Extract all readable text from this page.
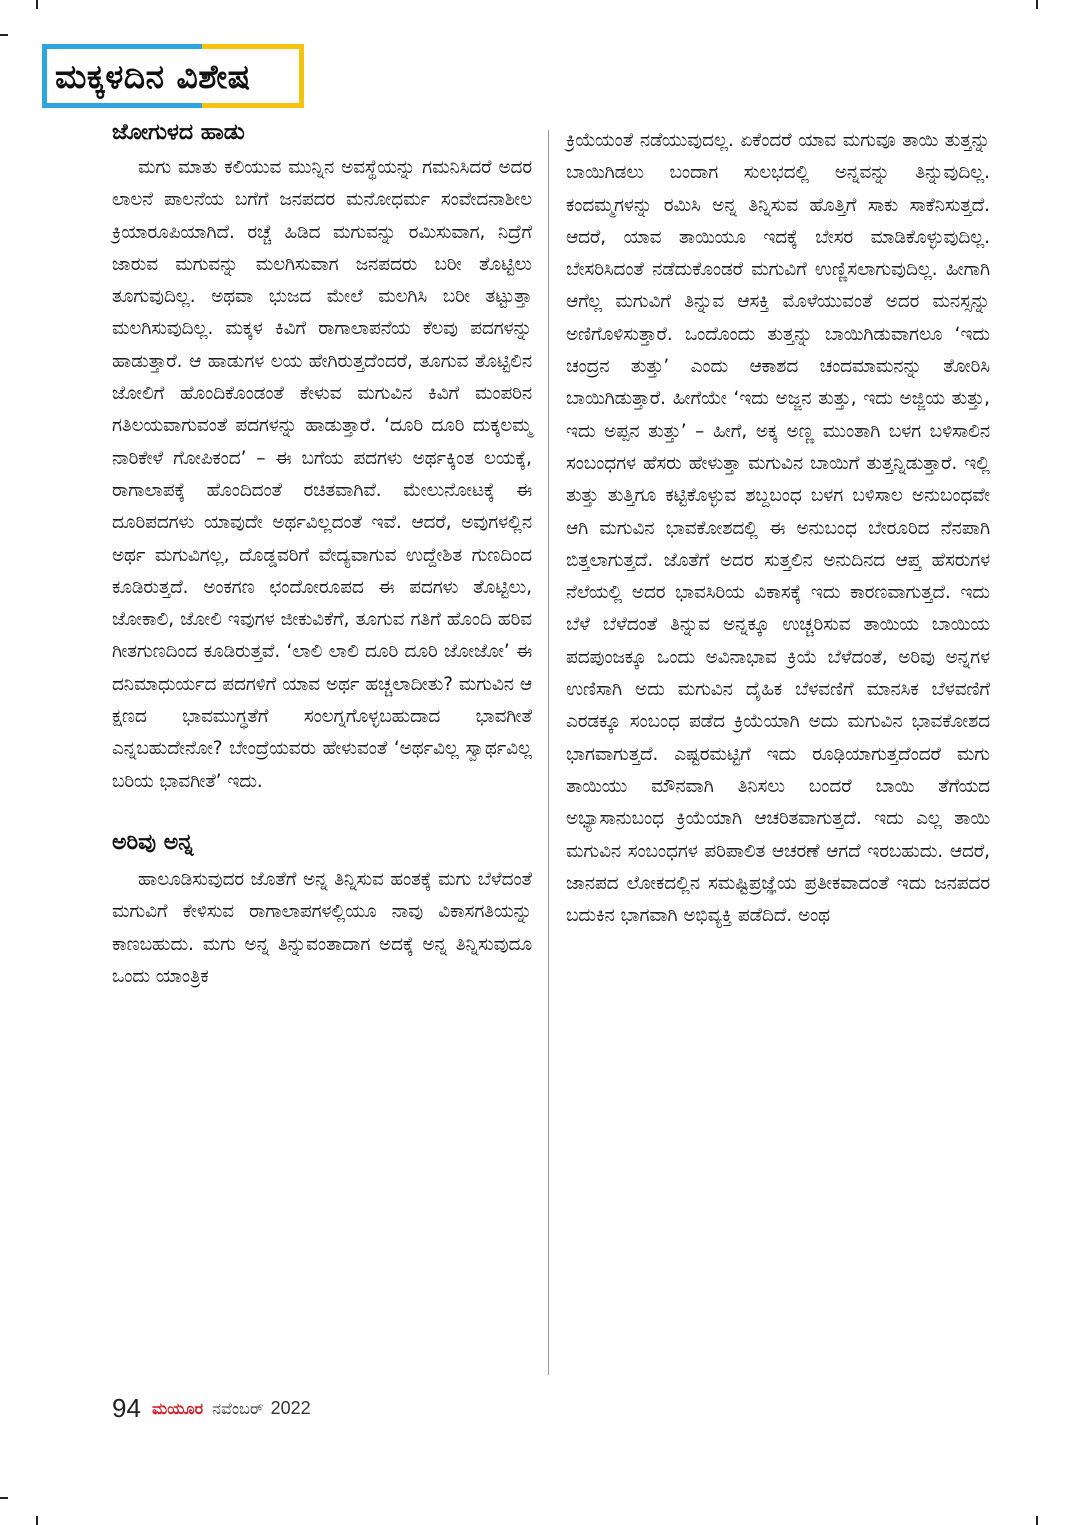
ಮಕ್ಕಳದಿನ ವಿಶೇಷ
ಜೋಗುಳದ ಹಾಡು

ಮಗು ಮಾತು ಕಲಿಯುವ ಮುನ್ನಿನ ಅವಸ್ಥೆಯನ್ನು ಗಮನಿಸಿದರೆ ಅದರ ಲಾಲನೆ ಪಾಲನೆಯ ಬಗೆಗೆ ಜನಪದರ ಮನೋಧರ್ಮ ಸಂವೇದನಾಶೀಲ ಕ್ರಿಯಾರೂಪಿಯಾಗಿದೆ. ರಚ್ಚೆ ಹಿಡಿದ ಮಗುವನ್ನು ರಮಿಸುವಾಗ, ನಿದ್ರೆಗೆ ಜಾರುವ ಮಗುವನ್ನು ಮಲಗಿಸುವಾಗ ಜನಪದರು ಬರೀ ತೊಟ್ಟಿಲು ತೂಗುವುದಿಲ್ಲ. ಅಥವಾ ಭುಜದ ಮೇಲೆ ಮಲಗಿಸಿ ಬರೀ ತಟ್ಟುತ್ತಾ ಮಲಗಿಸುವುದಿಲ್ಲ. ಮಕ್ಕಳ ಕಿವಿಗೆ ರಾಗಾಲಾಪನೆಯ ಕೆಲವು ಪದಗಳನ್ನು ಹಾಡುತ್ತಾರೆ. ಆ ಹಾಡುಗಳ ಲಯ ಹೇಗಿರುತ್ತದೆಂದರೆ, ತೂಗುವ ತೊಟ್ಟಿಲಿನ ಜೋಲಿಗೆ ಹೊಂದಿಕೊಂಡಂತೆ ಕೇಳುವ ಮಗುವಿನ ಕಿವಿಗೆ ಮಂಪರಿನ ಗತಿಲಯವಾಗುವಂತೆ ಪದಗಳನ್ನು ಹಾಡುತ್ತಾರೆ. ‘ದೂರಿ ದೂರಿ ದುಕ್ಕಲಮ್ಮ ನಾರಿಕೇಳೆ ಗೋಪಿಕಂದ’ – ಈ ಬಗೆಯ ಪದಗಳು ಅರ್ಥಕ್ಕಿಂತ ಲಯಕ್ಕೆ, ರಾಗಾಲಾಪಕ್ಕೆ ಹೊಂದಿದಂತೆ ರಚಿತವಾಗಿವೆ. ಮೇಲುನೋಟಕ್ಕೆ ಈ ದೂರಿಪದಗಳು ಯಾವುದೇ ಅರ್ಥವಿಲ್ಲದಂತೆ ಇವೆ. ಆದರೆ, ಅವುಗಳಲ್ಲಿನ ಅರ್ಥ ಮಗುವಿಗಲ್ಲ, ದೊಡ್ಡವರಿಗೆ ವೇದ್ಯವಾಗುವ ಉದ್ದೇಶಿತ ಗುಣದಿಂದ ಕೂಡಿರುತ್ತದೆ. ಅಂಕಗಣ ಛಂದೋರೂಪದ ಈ ಪದಗಳು ತೊಟ್ಟಿಲು, ಜೋಕಾಲಿ, ಜೋಲಿ ಇವುಗಳ ಜೀಕುವಿಕೆಗೆ, ತೂಗುವ ಗತಿಗೆ ಹೊಂದಿ ಹರಿವ ಗೀತಗುಣದಿಂದ ಕೂಡಿರುತ್ತವೆ. ‘ಲಾಲಿ ಲಾಲಿ ದೂರಿ ದೂರಿ ಜೋಜೋ’ ಈ ದನಿಮಾಧುರ್ಯದ ಪದಗಳಿಗೆ ಯಾವ ಅರ್ಥ ಹಚ್ಚಲಾದೀತು? ಮಗುವಿನ ಆ ಕ್ಷಣದ ಭಾವಮುಗ್ಧತೆಗೆ ಸಂಲಗ್ನಗೊಳ್ಳಬಹುದಾದ ಭಾವಗೀತೆ ಎನ್ನಬಹುದೇನೋ? ಬೇಂದ್ರೆಯವರು ಹೇಳುವಂತೆ ‘ಅರ್ಥವಿಲ್ಲ ಸ್ವಾರ್ಥವಿಲ್ಲ ಬರಿಯ ಭಾವಗೀತೆ’ ಇದು.

ಅರಿವು ಅನ್ನ

ಹಾಲೂಡಿಸುವುದರ ಜೊತೆಗೆ ಅನ್ನ ತಿನ್ನಿಸುವ ಹಂತಕ್ಕೆ ಮಗು ಬೆಳೆದಂತೆ ಮಗುವಿಗೆ ಕೇಳಿಸುವ ರಾಗಾಲಾಪಗಳಲ್ಲಿಯೂ ನಾವು ವಿಕಾಸಗತಿಯನ್ನು ಕಾಣಬಹುದು. ಮಗು ಅನ್ನ ತಿನ್ನುವಂತಾದಾಗ ಅದಕ್ಕೆ ಅನ್ನ ತಿನ್ನಿಸುವುದೂ ಒಂದು ಯಾಂತ್ರಿಕ

ಕ್ರಿಯೆಯಂತೆ ನಡೆಯುವುದಲ್ಲ. ಏಕೆಂದರೆ ಯಾವ ಮಗುವೂ ತಾಯಿ ತುತ್ತನ್ನು ಬಾಯಿಗಿಡಲು ಬಂದಾಗ ಸುಲಭದಲ್ಲಿ ಅನ್ನವನ್ನು ತಿನ್ನುವುದಿಲ್ಲ. ಕಂದಮ್ಮಗಳನ್ನು ರಮಿಸಿ ಅನ್ನ ತಿನ್ನಿಸುವ ಹೊತ್ತಿಗೆ ಸಾಕು ಸಾಕೆನಿಸುತ್ತದೆ. ಆದರೆ, ಯಾವ ತಾಯಿಯೂ ಇದಕ್ಕೆ ಬೇಸರ ಮಾಡಿಕೊಳ್ಳುವುದಿಲ್ಲ. ಬೇಸರಿಸಿದಂತೆ ನಡೆದುಕೊಂಡರೆ ಮಗುವಿಗೆ ಉಣ್ಣಿಸಲಾಗುವುದಿಲ್ಲ. ಹೀಗಾಗಿ ಆಗೆಲ್ಲ ಮಗುವಿಗೆ ತಿನ್ನುವ ಆಸಕ್ತಿ ಮೊಳೆಯುವಂತೆ ಅದರ ಮನಸ್ಸನ್ನು ಅಣಿಗೊಳಿಸುತ್ತಾರೆ. ಒಂದೊಂದು ತುತ್ತನ್ನು ಬಾಯಿಗಿಡುವಾಗಲೂ ‘ಇದು ಚಂದ್ರನ ತುತ್ತು’ ಎಂದು ಆಕಾಶದ ಚಂದಮಾಮನನ್ನು ತೋರಿಸಿ ಬಾಯಿಗಿಡುತ್ತಾರೆ. ಹೀಗೆಯೇ ‘ಇದು ಅಜ್ಜನ ತುತ್ತು, ಇದು ಅಜ್ಜಿಯ ತುತ್ತು, ಇದು ಅಪ್ಪನ ತುತ್ತು’ – ಹೀಗೆ, ಅಕ್ಕ ಅಣ್ಣ ಮುಂತಾಗಿ ಬಳಗ ಬಳಿಸಾಲಿನ ಸಂಬಂಧಗಳ ಹೆಸರು ಹೇಳುತ್ತಾ ಮಗುವಿನ ಬಾಯಿಗೆ ತುತ್ತನ್ನಿಡುತ್ತಾರೆ. ಇಲ್ಲಿ ತುತ್ತು ತುತ್ತಿಗೂ ಕಟ್ಟಿಕೊಳ್ಳುವ ಶಬ್ದಬಂಧ ಬಳಗ ಬಳಿಸಾಲ ಅನುಬಂಧವೇ ಆಗಿ ಮಗುವಿನ ಭಾವಕೋಶದಲ್ಲಿ ಈ ಅನುಬಂಧ ಬೇರೂರಿದ ನೆನಪಾಗಿ ಬಿತ್ತಲಾಗುತ್ತದೆ. ಜೊತೆಗೆ ಅದರ ಸುತ್ತಲಿನ ಅನುದಿನದ ಆಪ್ತ ಹೆಸರುಗಳ ನೆಲೆಯಲ್ಲಿ ಅದರ ಭಾವಸಿರಿಯ ವಿಕಾಸಕ್ಕೆ ಇದು ಕಾರಣವಾಗುತ್ತದೆ. ಇದು ಬೆಳೆ ಬೆಳೆದಂತೆ ತಿನ್ನುವ ಅನ್ನಕ್ಕೂ ಉಚ್ಚರಿಸುವ ತಾಯಿಯ ಬಾಯಿಯ ಪದಪುಂಜಕ್ಕೂ ಒಂದು ಅವಿನಾಭಾವ ಕ್ರಿಯೆ ಬೆಳೆದಂತೆ, ಅರಿವು ಅನ್ನಗಳ ಉಣಿಸಾಗಿ ಅದು ಮಗುವಿನ ದೈಹಿಕ ಬೆಳವಣಿಗೆ ಮಾನಸಿಕ ಬೆಳವಣಿಗೆ ಎರಡಕ್ಕೂ ಸಂಬಂಧ ಪಡೆದ ಕ್ರಿಯೆಯಾಗಿ ಅದು ಮಗುವಿನ ಭಾವಕೋಶದ ಭಾಗವಾಗುತ್ತದೆ. ಎಷ್ಟರಮಟ್ಟಿಗೆ ಇದು ರೂಢಿಯಾಗುತ್ತದೆಂದರೆ ಮಗು ತಾಯಿಯು ಮೌನವಾಗಿ ತಿನಿಸಲು ಬಂದರೆ ಬಾಯಿ ತೆಗೆಯದ ಅಭ್ಯಾಸಾನುಬಂಧ ಕ್ರಿಯೆಯಾಗಿ ಆಚರಿತವಾಗುತ್ತದೆ. ಇದು ಎಲ್ಲ ತಾಯಿ ಮಗುವಿನ ಸಂಬಂಧಗಳ ಪರಿಪಾಲಿತ ಆಚರಣೆ ಆಗದೆ ಇರಬಹುದು. ಆದರೆ, ಜಾನಪದ ಲೋಕದಲ್ಲಿನ ಸಮಷ್ಟಿಪ್ರಜ್ಞೆಯ ಪ್ರತೀಕವಾದಂತೆ ಇದು ಜನಪದರ ಬದುಕಿನ ಭಾಗವಾಗಿ ಅಭಿವ್ಯಕ್ತಿ ಪಡೆದಿದೆ. ಅಂಥ

94 ಮಯೂರ ನವೆಂಬರ್ 2022
